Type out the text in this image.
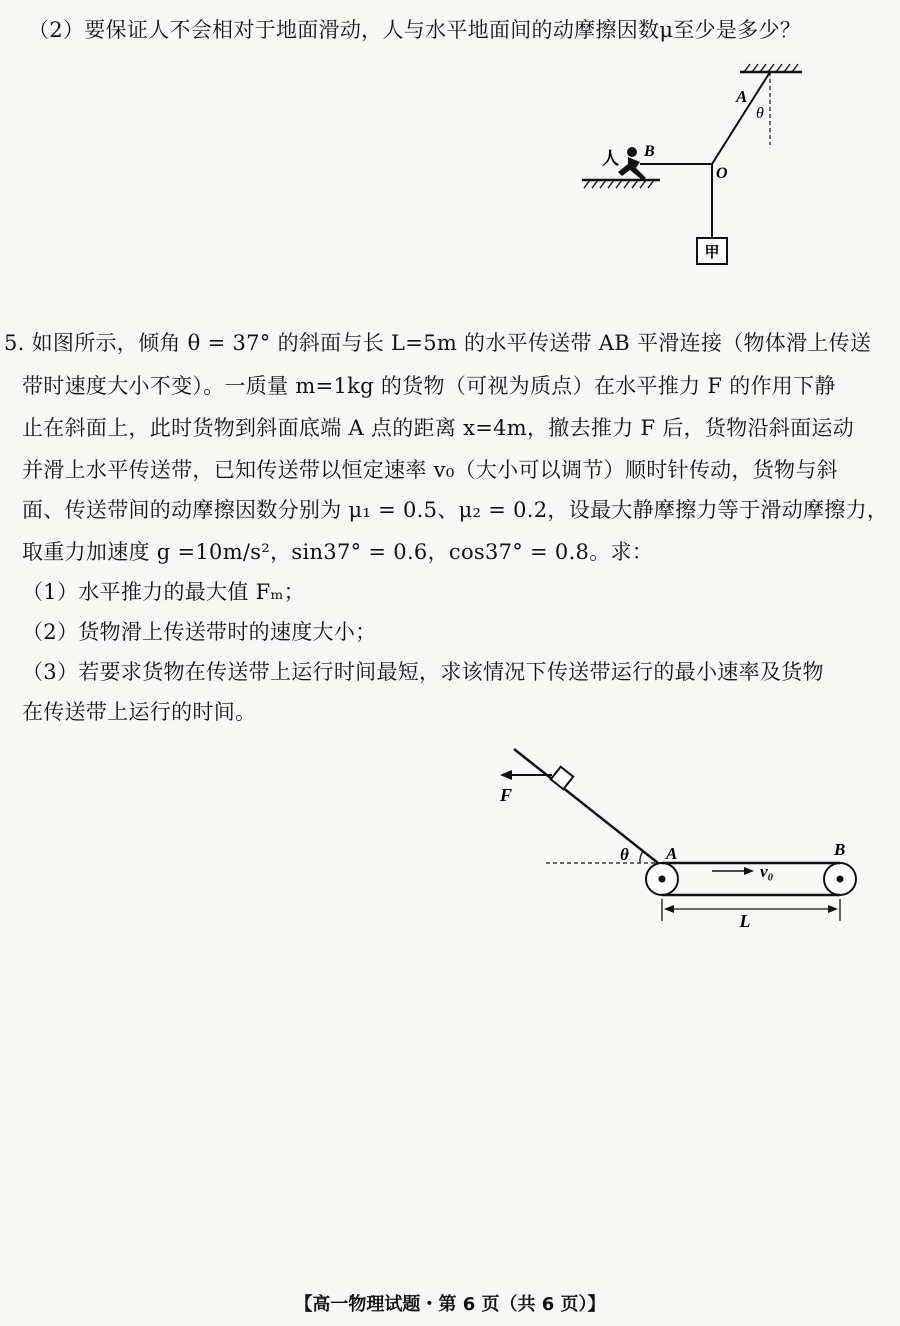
（2）要保证人不会相对于地面滑动，人与水平地面间的动摩擦因数μ至少是多少？
甲
A
θ
人 B
O
5. 如图所示，倾角 θ = 37° 的斜面与长 L=5m 的水平传送带 AB 平滑连接（物体滑上传送
带时速度大小不变）。一质量 m=1kg 的货物（可视为质点）在水平推力 F 的作用下静
止在斜面上，此时货物到斜面底端 A 点的距离 x=4m，撤去推力 F 后，货物沿斜面运动
并滑上水平传送带，已知传送带以恒定速率 v₀（大小可以调节）顺时针传动，货物与斜
面、传送带间的动摩擦因数分别为 μ₁ = 0.5、μ₂ = 0.2，设最大静摩擦力等于滑动摩擦力，
取重力加速度 g =10m/s²，sin37° = 0.6，cos37° = 0.8。求：
（1）水平推力的最大值 Fₘ；
（2）货物滑上传送带时的速度大小；
（3）若要求货物在传送带上运行时间最短，求该情况下传送带运行的最小速率及货物
在传送带上运行的时间。
F
θ A	B
v₀
L
【高一物理试题・第 6 页（共 6 页）】
